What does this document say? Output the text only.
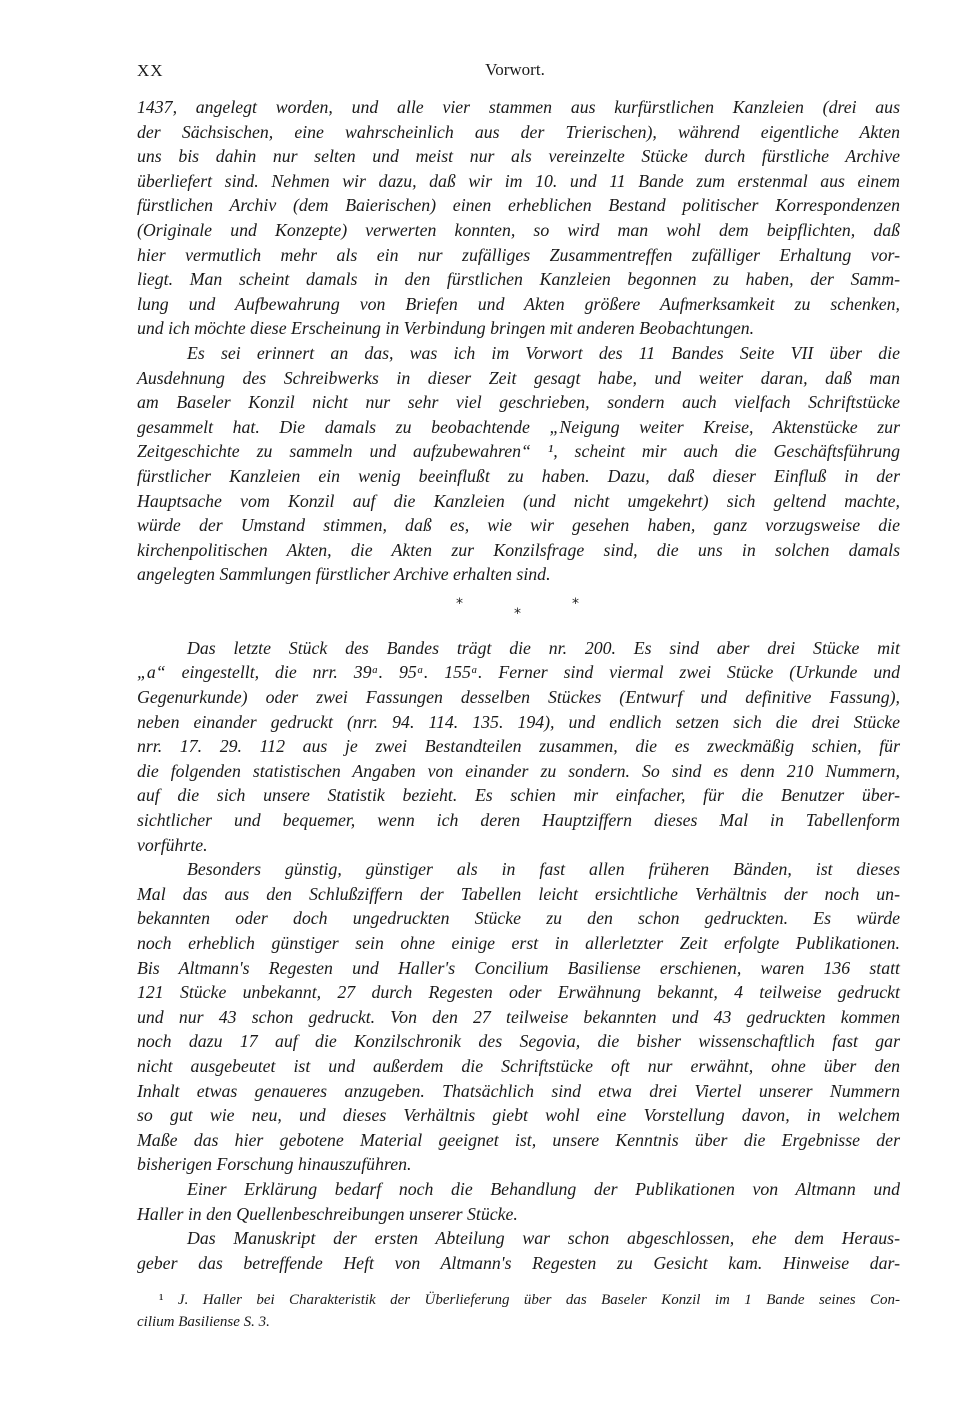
XX	Vorwort.
1437, angelegt worden, und alle vier stammen aus kurfürstlichen Kanzleien (drei aus
der Sächsischen, eine wahrscheinlich aus der Trierischen), während eigentliche Akten
uns bis dahin nur selten und meist nur als vereinzelte Stücke durch fürstliche Archive
überliefert sind. Nehmen wir dazu, daß wir im 10. und 11 Bande zum erstenmal aus einem
fürstlichen Archiv (dem Baierischen) einen erheblichen Bestand politischer Korrespondenzen
(Originale und Konzepte) verwerten konnten, so wird man wohl dem beipflichten, daß
hier vermutlich mehr als ein nur zufälliges Zusammentreffen zufälliger Erhaltung vor-
liegt. Man scheint damals in den fürstlichen Kanzleien begonnen zu haben, der Samm-
lung und Aufbewahrung von Briefen und Akten größere Aufmerksamkeit zu schenken,
und ich möchte diese Erscheinung in Verbindung bringen mit anderen Beobachtungen.
Es sei erinnert an das, was ich im Vorwort des 11 Bandes Seite VII über die
Ausdehnung des Schreibwerks in dieser Zeit gesagt habe, und weiter daran, daß man
am Baseler Konzil nicht nur sehr viel geschrieben, sondern auch vielfach Schriftstücke
gesammelt hat. Die damals zu beobachtende „Neigung weiter Kreise, Aktenstücke zur
Zeitgeschichte zu sammeln und aufzubewahren“ ¹, scheint mir auch die Geschäftsführung
fürstlicher Kanzleien ein wenig beeinflußt zu haben. Dazu, daß dieser Einfluß in der
Hauptsache vom Konzil auf die Kanzleien (und nicht umgekehrt) sich geltend machte,
würde der Umstand stimmen, daß es, wie wir gesehen haben, ganz vorzugsweise die
kirchenpolitischen Akten, die Akten zur Konzilsfrage sind, die uns in solchen damals
angelegten Sammlungen fürstlicher Archive erhalten sind.
Das letzte Stück des Bandes trägt die nr. 200. Es sind aber drei Stücke mit
„a“ eingestellt, die nrr. 39ᵃ. 95ᵃ. 155ᵃ. Ferner sind viermal zwei Stücke (Urkunde und
Gegenurkunde) oder zwei Fassungen desselben Stückes (Entwurf und definitive Fassung),
neben einander gedruckt (nrr. 94. 114. 135. 194), und endlich setzen sich die drei Stücke
nrr. 17. 29. 112 aus je zwei Bestandteilen zusammen, die es zweckmäßig schien, für
die folgenden statistischen Angaben von einander zu sondern. So sind es denn 210 Nummern,
auf die sich unsere Statistik bezieht. Es schien mir einfacher, für die Benutzer über-
sichtlicher und bequemer, wenn ich deren Hauptziffern dieses Mal in Tabellenform
vorführte.
Besonders günstig, günstiger als in fast allen früheren Bänden, ist dieses
Mal das aus den Schlußziffern der Tabellen leicht ersichtliche Verhältnis der noch un-
bekannten oder doch ungedruckten Stücke zu den schon gedruckten. Es würde
noch erheblich günstiger sein ohne einige erst in allerletzter Zeit erfolgte Publikationen.
Bis Altmann's Regesten und Haller's Concilium Basiliense erschienen, waren 136 statt
121 Stücke unbekannt, 27 durch Regesten oder Erwähnung bekannt, 4 teilweise gedruckt
und nur 43 schon gedruckt. Von den 27 teilweise bekannten und 43 gedruckten kommen
noch dazu 17 auf die Konzilschronik des Segovia, die bisher wissenschaftlich fast gar
nicht ausgebeutet ist und außerdem die Schriftstücke oft nur erwähnt, ohne über den
Inhalt etwas genaueres anzugeben. Thatsächlich sind etwa drei Viertel unserer Nummern
so gut wie neu, und dieses Verhältnis giebt wohl eine Vorstellung davon, in welchem
Maße das hier gebotene Material geeignet ist, unsere Kenntnis über die Ergebnisse der
bisherigen Forschung hinauszuführen.
Einer Erklärung bedarf noch die Behandlung der Publikationen von Altmann und
Haller in den Quellenbeschreibungen unserer Stücke.
Das Manuskript der ersten Abteilung war schon abgeschlossen, ehe dem Heraus-
geber das betreffende Heft von Altmann's Regesten zu Gesicht kam. Hinweise dar-
*
*
*
¹ J. Haller bei Charakteristik der Überlieferung über das Baseler Konzil im 1 Bande seines Con-
cilium Basiliense S. 3.
